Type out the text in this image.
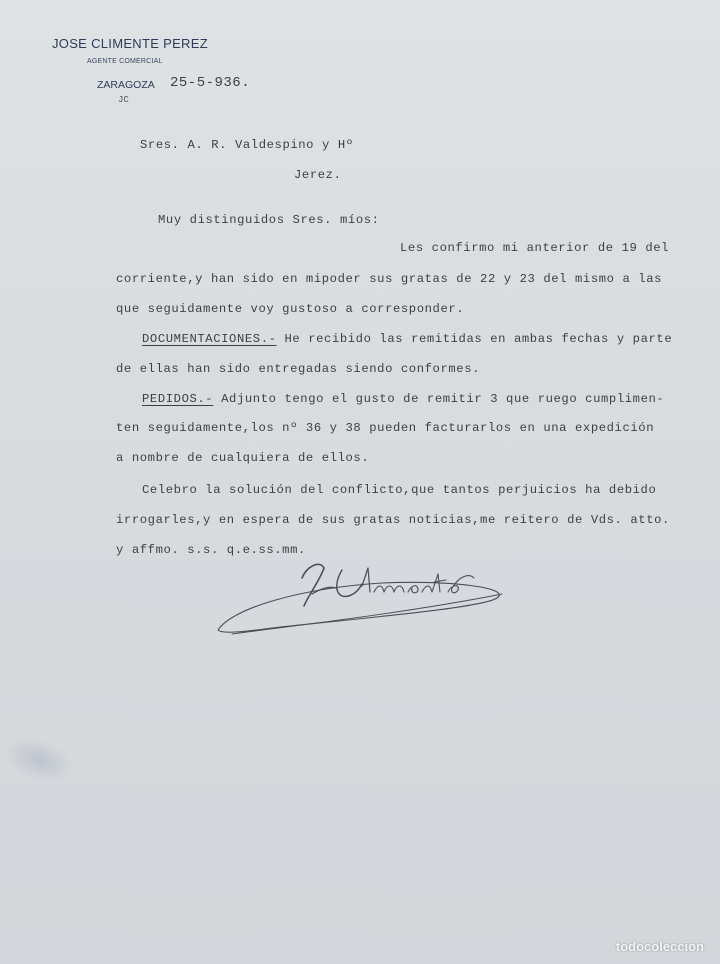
JOSE CLIMENTE PEREZ
AGENTE COMERCIAL
ZARAGOZA 25-5-936.
JC
Sres. A. R. Valdespino y Hº
Jerez.
Muy distinguidos Sres. míos:
Les confirmo mi anterior de 19 del
corriente,y han sido en mipoder sus gratas de 22 y 23 del mismo a las
que seguidamente voy gustoso a corresponder.
DOCUMENTACIONES.- He recibido las remitidas en ambas fechas y parte
de ellas han sido entregadas siendo conformes.
PEDIDOS.- Adjunto tengo el gusto de remitir 3 que ruego cumplimen-
ten seguidamente,los nº 36 y 38 pueden facturarlos en una expedición
a nombre de cualquiera de ellos.
Celebro la solución del conflicto,que tantos perjuicios ha debido
irrogarles,y en espera de sus gratas noticias,me reitero de Vds. atto.
y affmo. s.s. q.e.ss.mm.
todocoleccion
